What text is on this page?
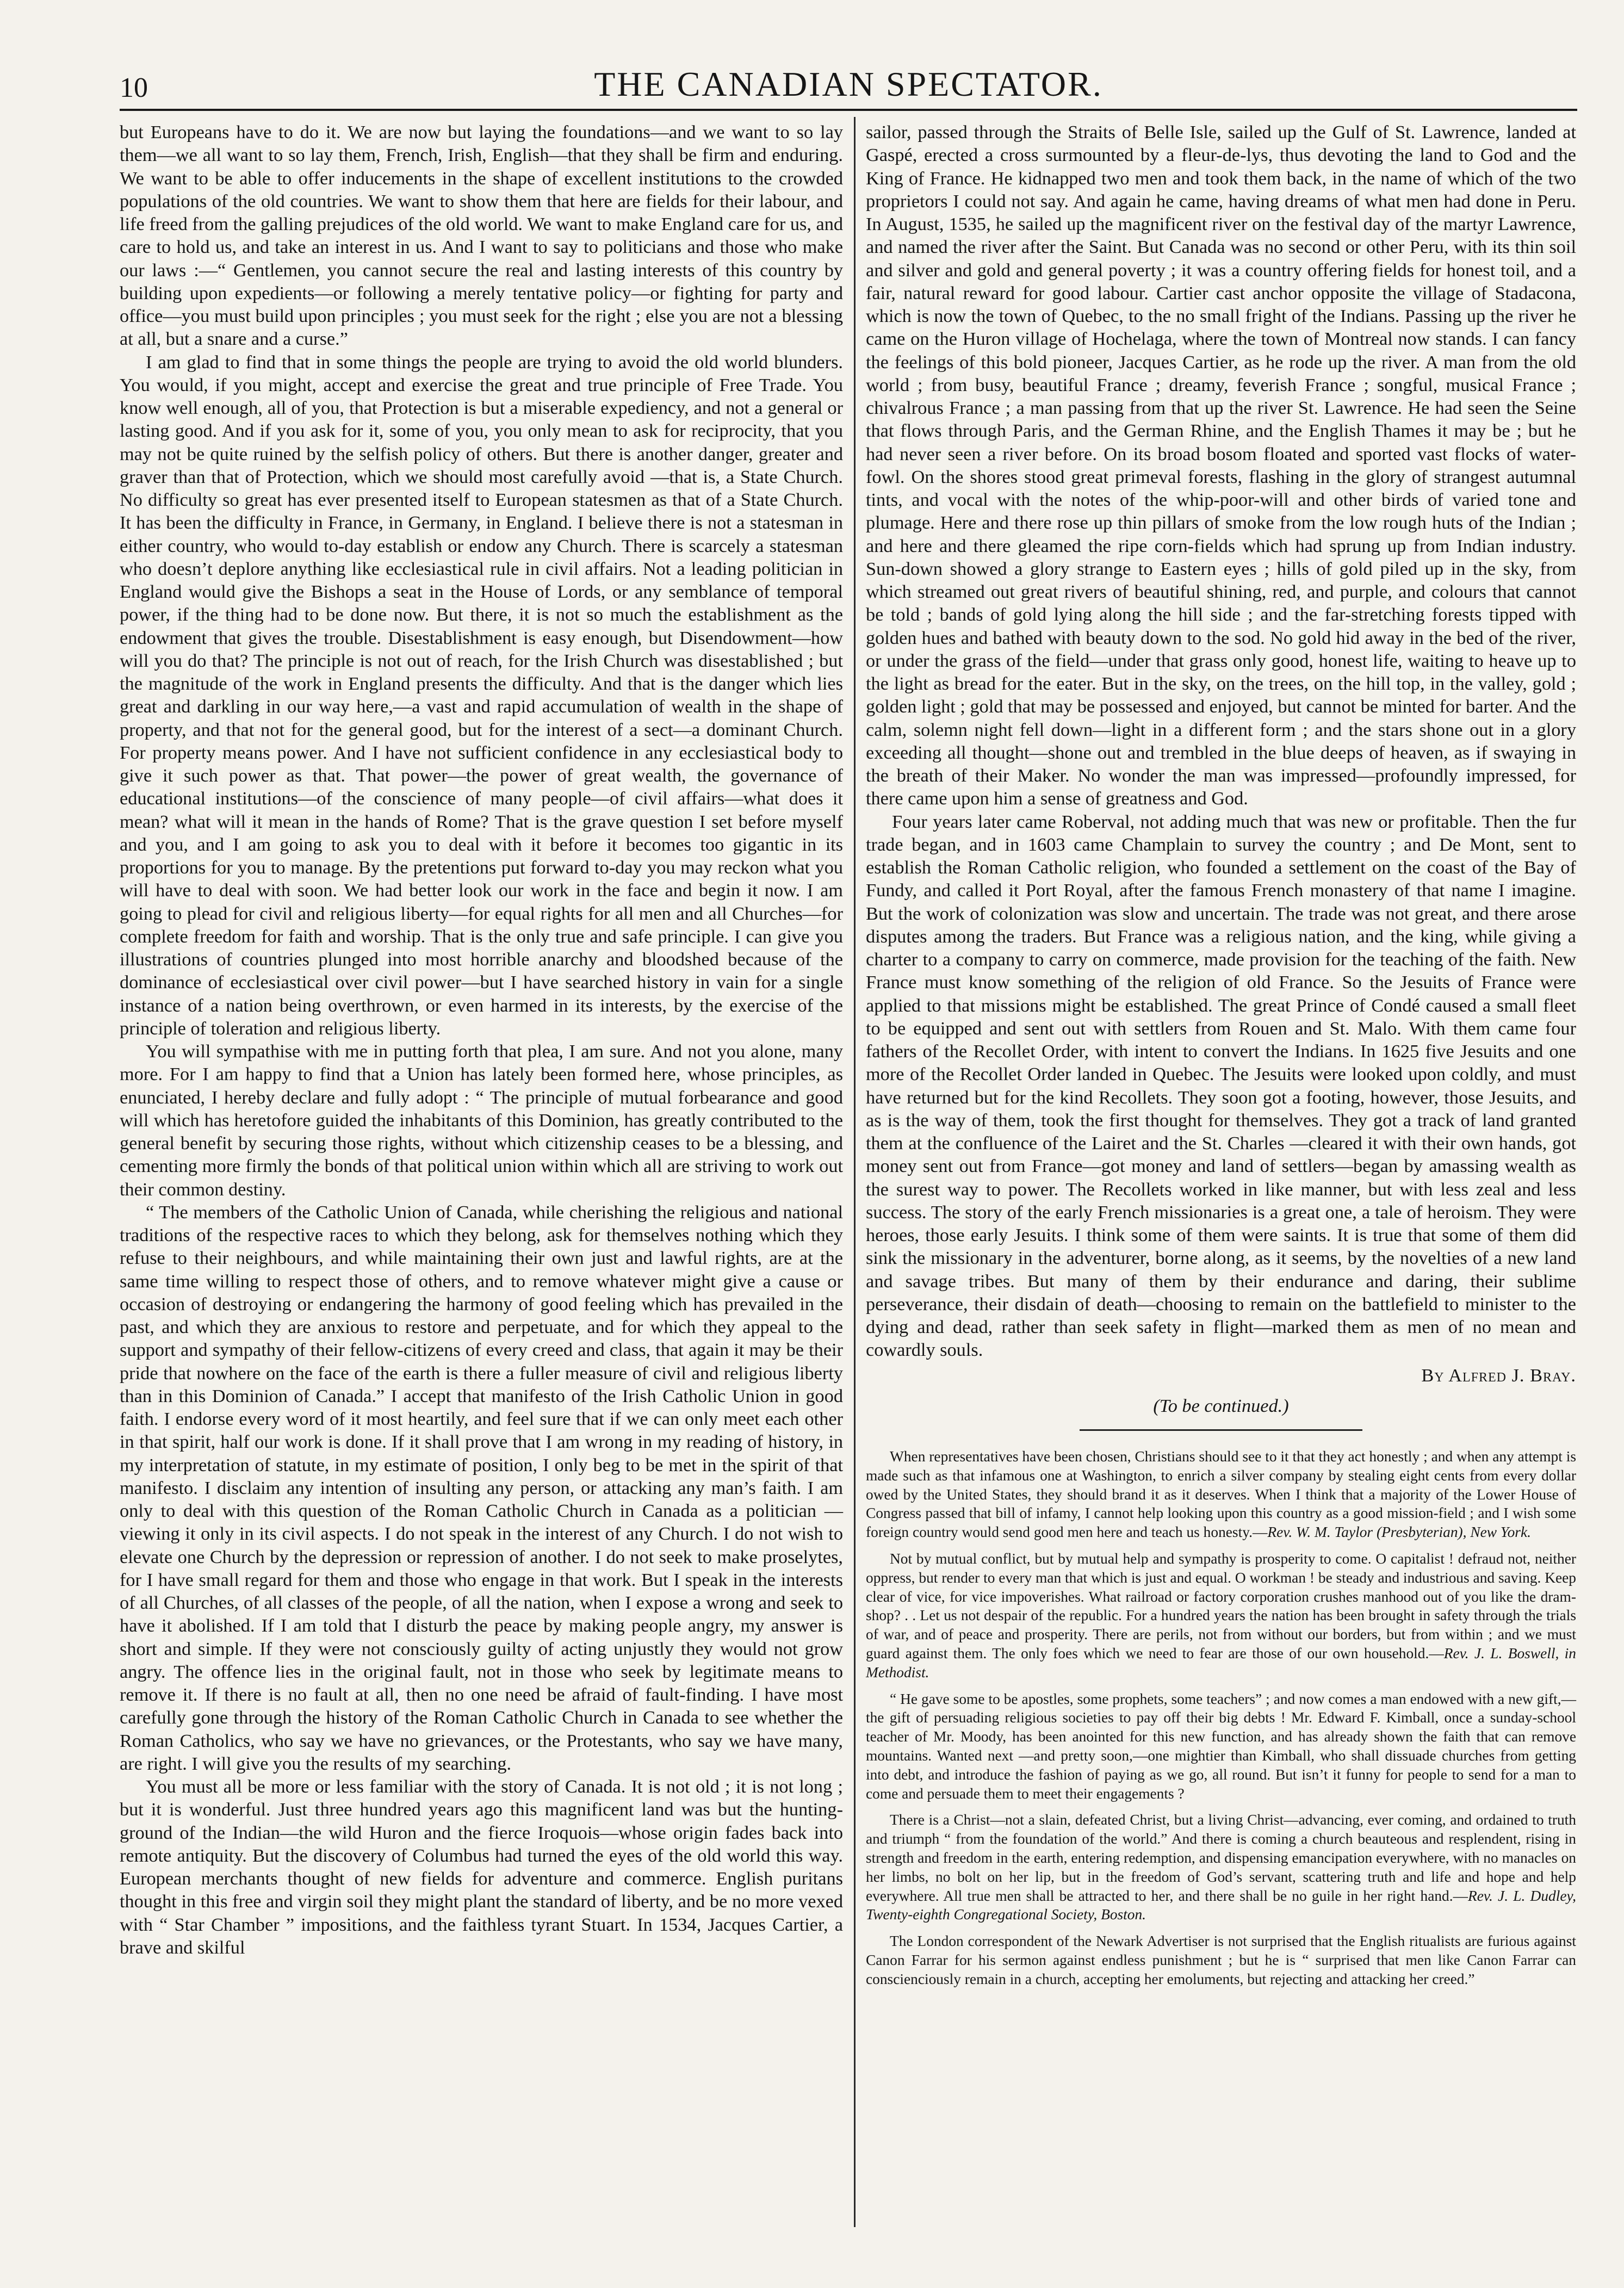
10	THE CANADIAN SPECTATOR.

but Europeans have to do it. We are now but laying the foundations—and we want to so lay them—we all want to so lay them, French, Irish, English—that they shall be firm and enduring. We want to be able to offer inducements in the shape of excellent institutions to the crowded populations of the old countries. We want to show them that here are fields for their labour, and life freed from the galling prejudices of the old world. We want to make England care for us, and care to hold us, and take an interest in us. And I want to say to politicians and those who make our laws :—“ Gentlemen, you cannot secure the real and lasting interests of this country by building upon expedients—or following a merely tentative policy—or fighting for party and office—you must build upon principles ; you must seek for the right ; else you are not a blessing at all, but a snare and a curse.”

I am glad to find that in some things the people are trying to avoid the old world blunders. You would, if you might, accept and exercise the great and true principle of Free Trade. You know well enough, all of you, that Protection is but a miserable expediency, and not a general or lasting good. And if you ask for it, some of you, you only mean to ask for reciprocity, that you may not be quite ruined by the selfish policy of others. But there is another danger, greater and graver than that of Protection, which we should most carefully avoid —that is, a State Church. No difficulty so great has ever presented itself to European statesmen as that of a State Church. It has been the difficulty in France, in Germany, in England. I believe there is not a statesman in either country, who would to-day establish or endow any Church. There is scarcely a statesman who doesn’t deplore anything like ecclesiastical rule in civil affairs. Not a leading politician in England would give the Bishops a seat in the House of Lords, or any semblance of temporal power, if the thing had to be done now. But there, it is not so much the establishment as the endowment that gives the trouble. Disestablishment is easy enough, but Disendowment—how will you do that? The principle is not out of reach, for the Irish Church was disestablished ; but the magnitude of the work in England presents the difficulty. And that is the danger which lies great and darkling in our way here,—a vast and rapid accumulation of wealth in the shape of property, and that not for the general good, but for the interest of a sect—a dominant Church. For property means power. And I have not sufficient confidence in any ecclesiastical body to give it such power as that. That power—the power of great wealth, the governance of educational institutions—of the conscience of many people—of civil affairs—what does it mean? what will it mean in the hands of Rome? That is the grave question I set before myself and you, and I am going to ask you to deal with it before it becomes too gigantic in its proportions for you to manage. By the pretentions put forward to-day you may reckon what you will have to deal with soon. We had better look our work in the face and begin it now. I am going to plead for civil and religious liberty—for equal rights for all men and all Churches—for complete freedom for faith and worship. That is the only true and safe principle. I can give you illustrations of countries plunged into most horrible anarchy and bloodshed because of the dominance of ecclesiastical over civil power—but I have searched history in vain for a single instance of a nation being overthrown, or even harmed in its interests, by the exercise of the principle of toleration and religious liberty.

You will sympathise with me in putting forth that plea, I am sure. And not you alone, many more. For I am happy to find that a Union has lately been formed here, whose principles, as enunciated, I hereby declare and fully adopt : “ The principle of mutual forbearance and good will which has heretofore guided the inhabitants of this Dominion, has greatly contributed to the general benefit by securing those rights, without which citizenship ceases to be a blessing, and cementing more firmly the bonds of that political union within which all are striving to work out their common destiny.

“ The members of the Catholic Union of Canada, while cherishing the religious and national traditions of the respective races to which they belong, ask for themselves nothing which they refuse to their neighbours, and while maintaining their own just and lawful rights, are at the same time willing to respect those of others, and to remove whatever might give a cause or occasion of destroying or endangering the harmony of good feeling which has prevailed in the past, and which they are anxious to restore and perpetuate, and for which they appeal to the support and sympathy of their fellow-citizens of every creed and class, that again it may be their pride that nowhere on the face of the earth is there a fuller measure of civil and religious liberty than in this Dominion of Canada.” I accept that manifesto of the Irish Catholic Union in good faith. I endorse every word of it most heartily, and feel sure that if we can only meet each other in that spirit, half our work is done. If it shall prove that I am wrong in my reading of history, in my interpretation of statute, in my estimate of position, I only beg to be met in the spirit of that manifesto. I disclaim any intention of insulting any person, or attacking any man’s faith. I am only to deal with this question of the Roman Catholic Church in Canada as a politician —viewing it only in its civil aspects. I do not speak in the interest of any Church. I do not wish to elevate one Church by the depression or repression of another. I do not seek to make proselytes, for I have small regard for them and those who engage in that work. But I speak in the interests of all Churches, of all classes of the people, of all the nation, when I expose a wrong and seek to have it abolished. If I am told that I disturb the peace by making people angry, my answer is short and simple. If they were not consciously guilty of acting unjustly they would not grow angry. The offence lies in the original fault, not in those who seek by legitimate means to remove it. If there is no fault at all, then no one need be afraid of fault-finding. I have most carefully gone through the history of the Roman Catholic Church in Canada to see whether the Roman Catholics, who say we have no grievances, or the Protestants, who say we have many, are right. I will give you the results of my searching.

You must all be more or less familiar with the story of Canada. It is not old ; it is not long ; but it is wonderful. Just three hundred years ago this magnificent land was but the hunting-ground of the Indian—the wild Huron and the fierce Iroquois—whose origin fades back into remote antiquity. But the discovery of Columbus had turned the eyes of the old world this way. European merchants thought of new fields for adventure and commerce. English puritans thought in this free and virgin soil they might plant the standard of liberty, and be no more vexed with “ Star Chamber ” impositions, and the faithless tyrant Stuart. In 1534, Jacques Cartier, a brave and skilful

sailor, passed through the Straits of Belle Isle, sailed up the Gulf of St. Lawrence, landed at Gaspé, erected a cross surmounted by a fleur-de-lys, thus devoting the land to God and the King of France. He kidnapped two men and took them back, in the name of which of the two proprietors I could not say. And again he came, having dreams of what men had done in Peru. In August, 1535, he sailed up the magnificent river on the festival day of the martyr Lawrence, and named the river after the Saint. But Canada was no second or other Peru, with its thin soil and silver and gold and general poverty ; it was a country offering fields for honest toil, and a fair, natural reward for good labour. Cartier cast anchor opposite the village of Stadacona, which is now the town of Quebec, to the no small fright of the Indians. Passing up the river he came on the Huron village of Hochelaga, where the town of Montreal now stands. I can fancy the feelings of this bold pioneer, Jacques Cartier, as he rode up the river. A man from the old world ; from busy, beautiful France ; dreamy, feverish France ; songful, musical France ; chivalrous France ; a man passing from that up the river St. Lawrence. He had seen the Seine that flows through Paris, and the German Rhine, and the English Thames it may be ; but he had never seen a river before. On its broad bosom floated and sported vast flocks of water-fowl. On the shores stood great primeval forests, flashing in the glory of strangest autumnal tints, and vocal with the notes of the whip-poor-will and other birds of varied tone and plumage. Here and there rose up thin pillars of smoke from the low rough huts of the Indian ; and here and there gleamed the ripe corn-fields which had sprung up from Indian industry. Sun-down showed a glory strange to Eastern eyes ; hills of gold piled up in the sky, from which streamed out great rivers of beautiful shining, red, and purple, and colours that cannot be told ; bands of gold lying along the hill side ; and the far-stretching forests tipped with golden hues and bathed with beauty down to the sod. No gold hid away in the bed of the river, or under the grass of the field—under that grass only good, honest life, waiting to heave up to the light as bread for the eater. But in the sky, on the trees, on the hill top, in the valley, gold ; golden light ; gold that may be possessed and enjoyed, but cannot be minted for barter. And the calm, solemn night fell down—light in a different form ; and the stars shone out in a glory exceeding all thought—shone out and trembled in the blue deeps of heaven, as if swaying in the breath of their Maker. No wonder the man was impressed—profoundly impressed, for there came upon him a sense of greatness and God.

Four years later came Roberval, not adding much that was new or profitable. Then the fur trade began, and in 1603 came Champlain to survey the country ; and De Mont, sent to establish the Roman Catholic religion, who founded a settlement on the coast of the Bay of Fundy, and called it Port Royal, after the famous French monastery of that name I imagine. But the work of colonization was slow and uncertain. The trade was not great, and there arose disputes among the traders. But France was a religious nation, and the king, while giving a charter to a company to carry on commerce, made provision for the teaching of the faith. New France must know something of the religion of old France. So the Jesuits of France were applied to that missions might be established. The great Prince of Condé caused a small fleet to be equipped and sent out with settlers from Rouen and St. Malo. With them came four fathers of the Recollet Order, with intent to convert the Indians. In 1625 five Jesuits and one more of the Recollet Order landed in Quebec. The Jesuits were looked upon coldly, and must have returned but for the kind Recollets. They soon got a footing, however, those Jesuits, and as is the way of them, took the first thought for themselves. They got a track of land granted them at the confluence of the Lairet and the St. Charles —cleared it with their own hands, got money sent out from France—got money and land of settlers—began by amassing wealth as the surest way to power. The Recollets worked in like manner, but with less zeal and less success. The story of the early French missionaries is a great one, a tale of heroism. They were heroes, those early Jesuits. I think some of them were saints. It is true that some of them did sink the missionary in the adventurer, borne along, as it seems, by the novelties of a new land and savage tribes. But many of them by their endurance and daring, their sublime perseverance, their disdain of death—choosing to remain on the battlefield to minister to the dying and dead, rather than seek safety in flight—marked them as men of no mean and cowardly souls.

By Alfred J. Bray.
(To be continued.)

When representatives have been chosen, Christians should see to it that they act honestly ; and when any attempt is made such as that infamous one at Washington, to enrich a silver company by stealing eight cents from every dollar owed by the United States, they should brand it as it deserves. When I think that a majority of the Lower House of Congress passed that bill of infamy, I cannot help looking upon this country as a good mission-field ; and I wish some foreign country would send good men here and teach us honesty.—Rev. W. M. Taylor (Presbyterian), New York.

Not by mutual conflict, but by mutual help and sympathy is prosperity to come. O capitalist ! defraud not, neither oppress, but render to every man that which is just and equal. O workman ! be steady and industrious and saving. Keep clear of vice, for vice impoverishes. What railroad or factory corporation crushes manhood out of you like the dram-shop? . . Let us not despair of the republic. For a hundred years the nation has been brought in safety through the trials of war, and of peace and prosperity. There are perils, not from without our borders, but from within ; and we must guard against them. The only foes which we need to fear are those of our own household.—Rev. J. L. Boswell, in Methodist.

“ He gave some to be apostles, some prophets, some teachers” ; and now comes a man endowed with a new gift,—the gift of persuading religious societies to pay off their big debts ! Mr. Edward F. Kimball, once a sunday-school teacher of Mr. Moody, has been anointed for this new function, and has already shown the faith that can remove mountains. Wanted next —and pretty soon,—one mightier than Kimball, who shall dissuade churches from getting into debt, and introduce the fashion of paying as we go, all round. But isn’t it funny for people to send for a man to come and persuade them to meet their engagements ?

There is a Christ—not a slain, defeated Christ, but a living Christ—advancing, ever coming, and ordained to truth and triumph “ from the foundation of the world.” And there is coming a church beauteous and resplendent, rising in strength and freedom in the earth, entering redemption, and dispensing emancipation everywhere, with no manacles on her limbs, no bolt on her lip, but in the freedom of God’s servant, scattering truth and life and hope and help everywhere. All true men shall be attracted to her, and there shall be no guile in her right hand.—Rev. J. L. Dudley, Twenty-eighth Congregational Society, Boston.

The London correspondent of the Newark Advertiser is not surprised that the English ritualists are furious against Canon Farrar for his sermon against endless punishment ; but he is “ surprised that men like Canon Farrar can conscienciously remain in a church, accepting her emoluments, but rejecting and attacking her creed.”
